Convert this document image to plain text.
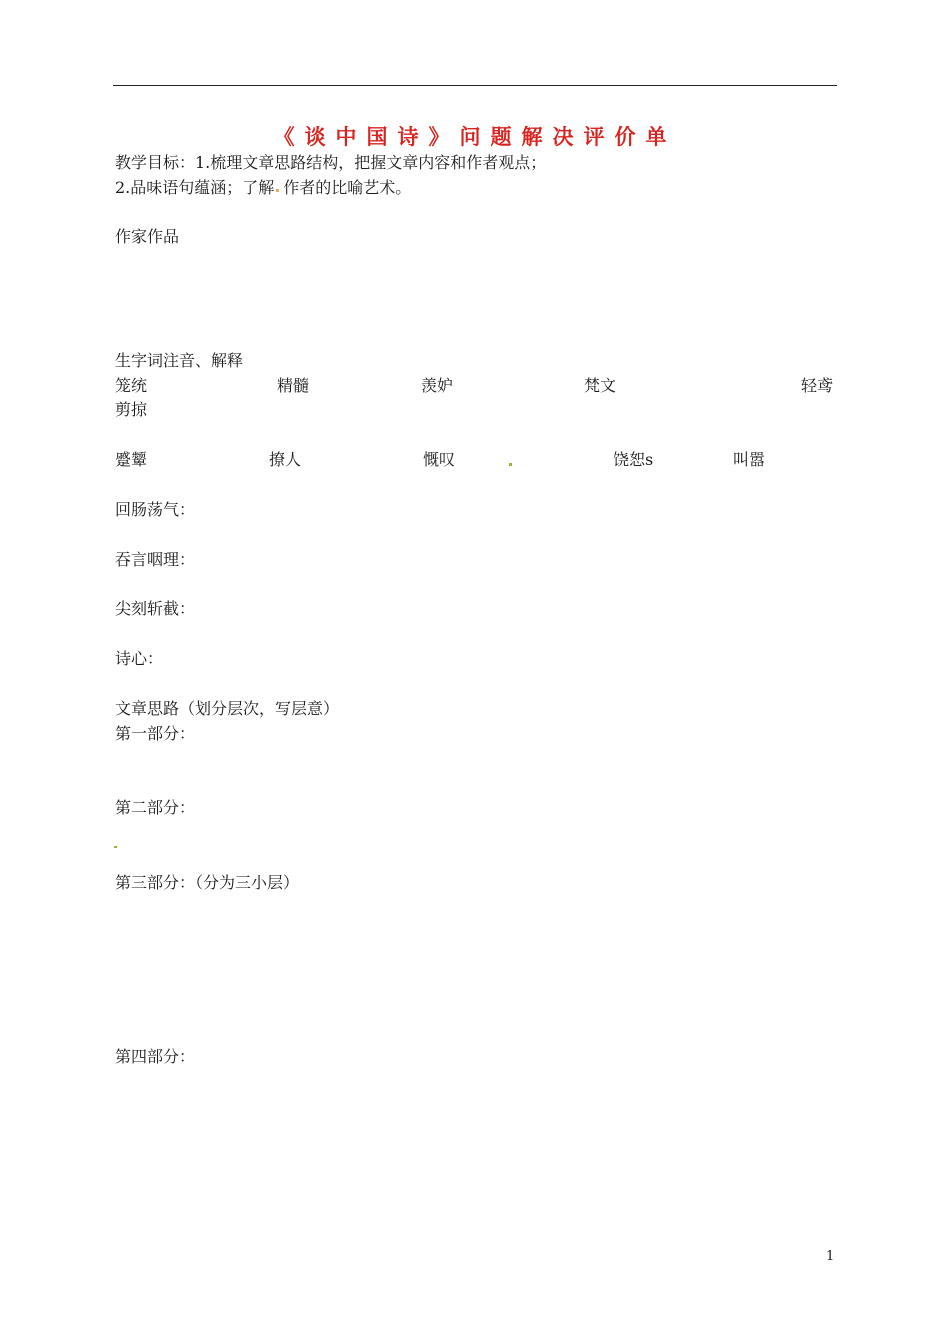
《谈中国诗》问题解决评价单
教学目标：1.梳理文章思路结构，把握文章内容和作者观点；
2.品味语句蕴涵；了解 作者的比喻艺术。
作家作品
生字词注音、解释
笼统	精髓	羡妒	梵文	轻鸢
剪掠
蹙颦	撩人	慨叹	饶恕s	叫嚣
回肠荡气：
吞言咽理：
尖刻斩截：
诗心：
文章思路（划分层次，写层意）
第一部分：
第二部分：
第三部分：（分为三小层）
第四部分：
1
